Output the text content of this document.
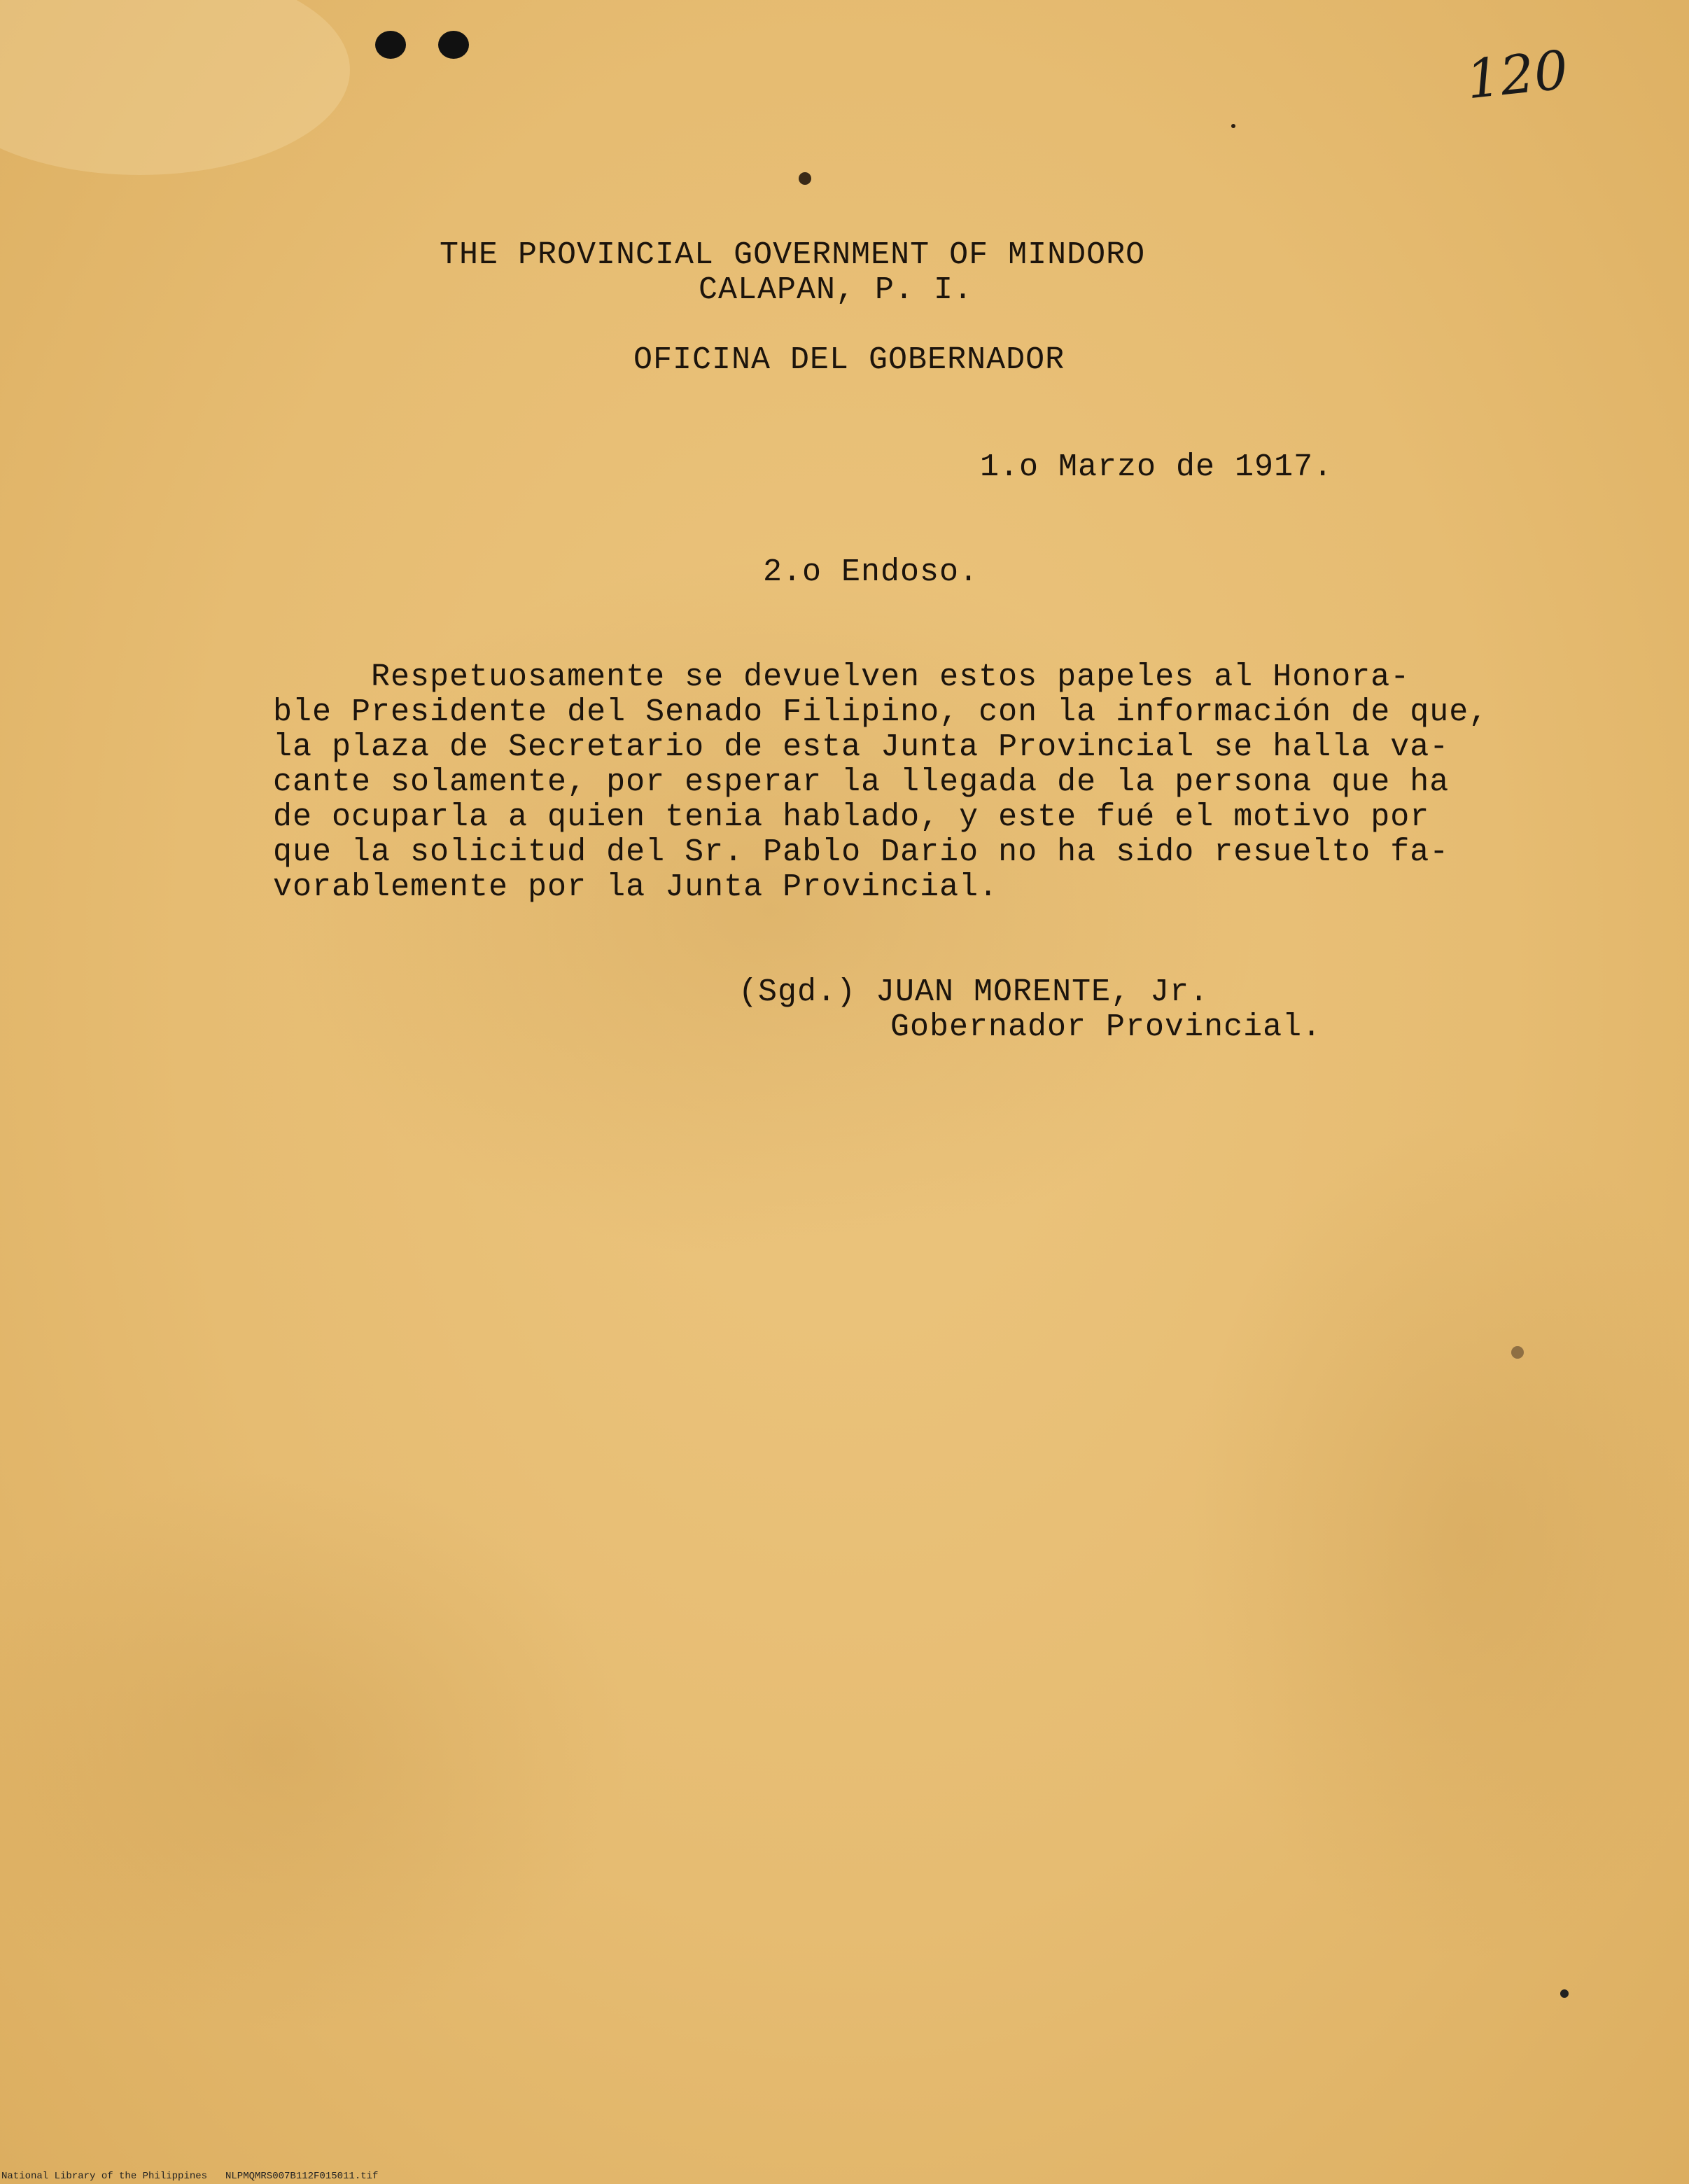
120

THE PROVINCIAL GOVERNMENT OF MINDORO

CALAPAN, P. I.

OFICINA DEL GOBERNADOR

1.o Marzo de 1917.

2.o Endoso.

Respetuosamente se devuelven estos papeles al Honora-

ble Presidente del Senado Filipino, con la información de que,

la plaza de Secretario de esta Junta Provincial se halla va-

cante solamente, por esperar la llegada de la persona que ha

de ocuparla a quien tenia hablado, y este fué el motivo por

que la solicitud del Sr. Pablo Dario no ha sido resuelto fa-

vorablemente por la Junta Provincial.

(Sgd.) JUAN MORENTE, Jr.

Gobernador Provincial.

National Library of the Philippines NLPMQMRS007B112F015011.tif
